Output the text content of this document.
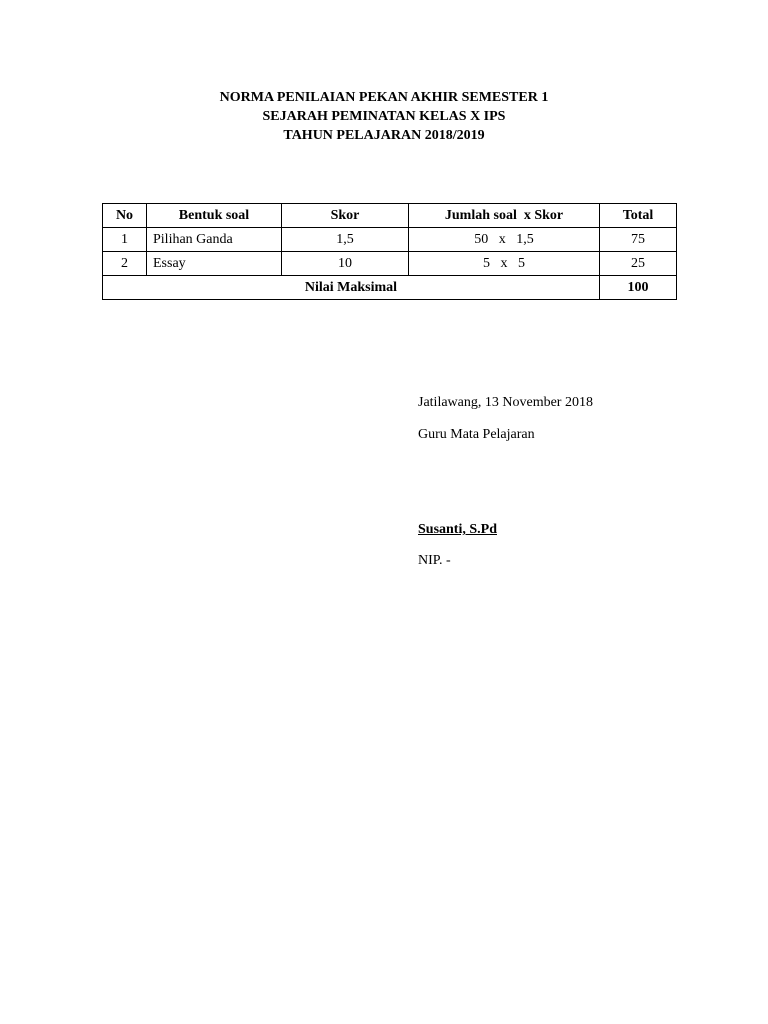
NORMA PENILAIAN PEKAN AKHIR SEMESTER 1
SEJARAH PEMINATAN KELAS X IPS
TAHUN PELAJARAN 2018/2019
No	Bentuk soal	Skor	Jumlah soal  x Skor	Total
1	Pilihan Ganda	1,5	50   x   1,5	75
2	Essay	10	5   x   5	25
Nilai Maksimal				100
Jatilawang, 13 November 2018
Guru Mata Pelajaran
Susanti, S.Pd
NIP. -
